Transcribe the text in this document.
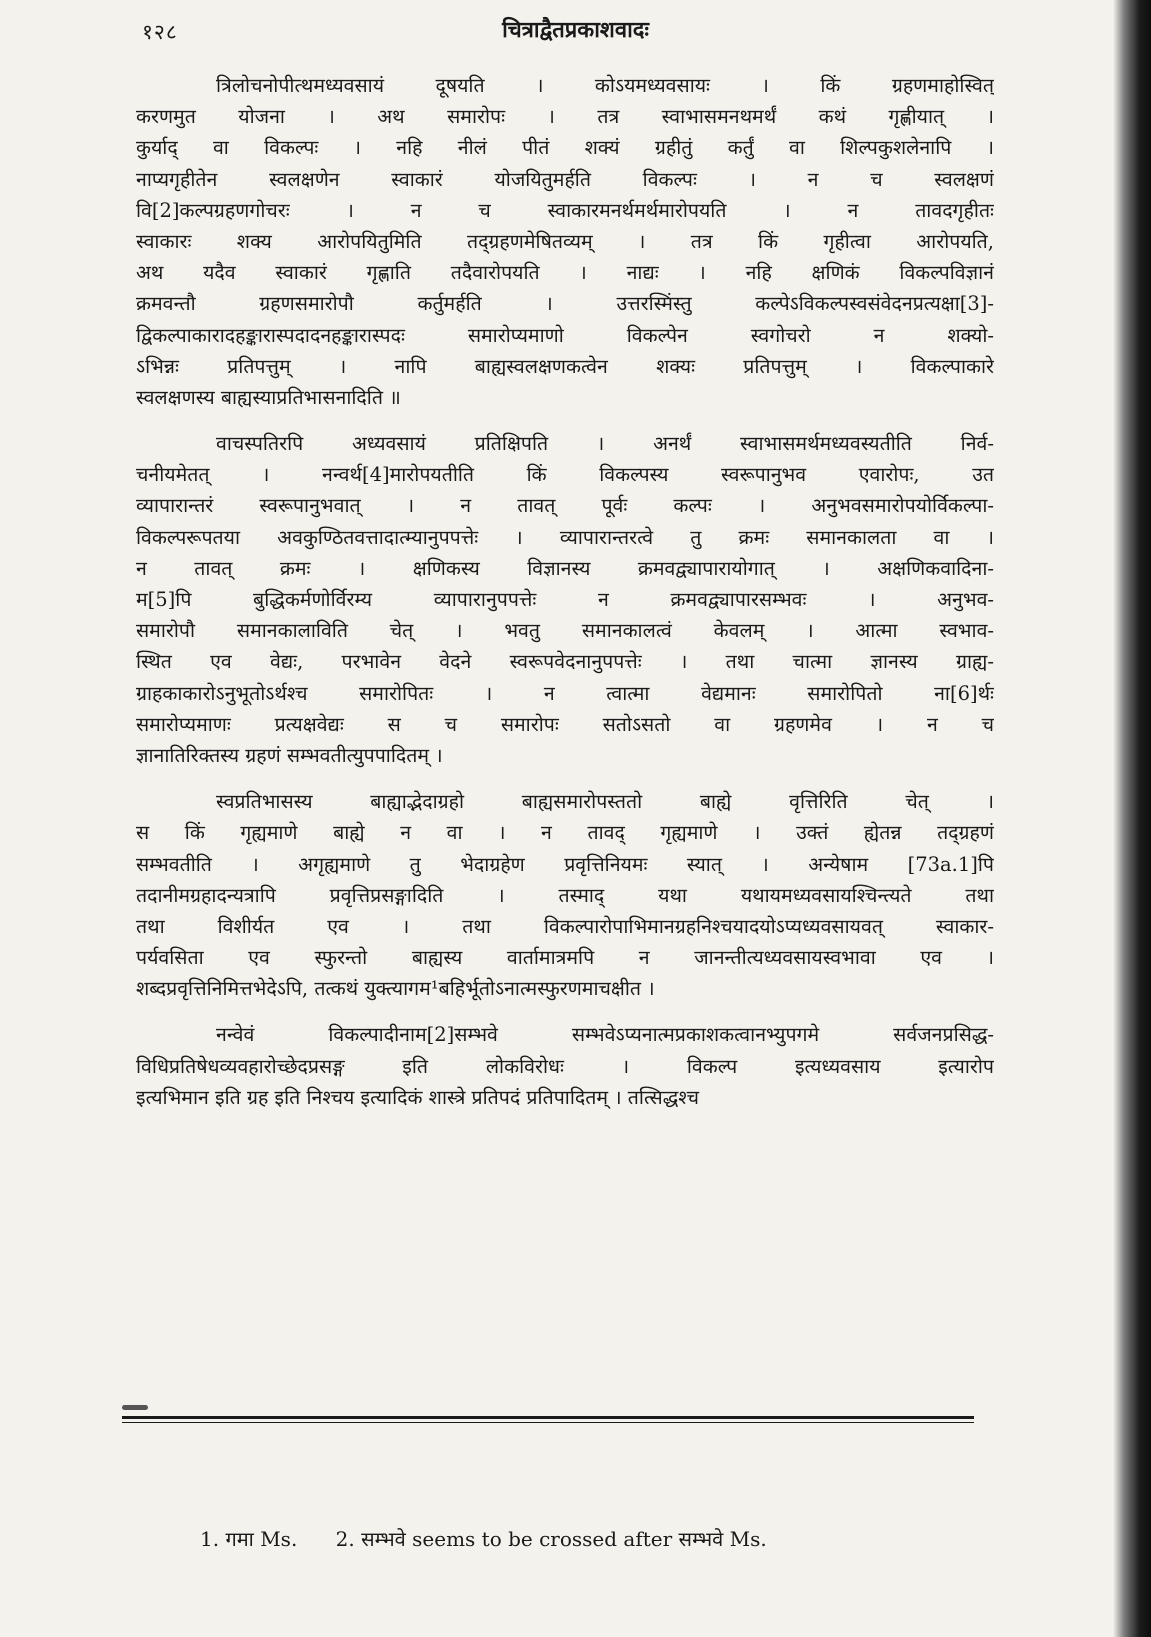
१२८	चित्राद्वैतप्रकाशवादः
त्रिलोचनोपीत्थमध्यवसायं दूषयति । कोऽयमध्यवसायः । किं ग्रहणमाहोस्वित्
करणमुत योजना । अथ समारोपः । तत्र स्वाभासमनथमर्थं कथं गृह्णीयात् ।
कुर्याद् वा विकल्पः । नहि नीलं पीतं शक्यं ग्रहीतुं कर्तुं वा शिल्पकुशलेनापि ।
नाप्यगृहीतेन स्वलक्षणेन स्वाकारं योजयितुमर्हति विकल्पः । न च स्वलक्षणं
वि[2]कल्पग्रहणगोचरः । न च स्वाकारमनर्थमर्थमारोपयति । न तावदगृहीतः
स्वाकारः शक्य आरोपयितुमिति तद्ग्रहणमेषितव्यम् । तत्र किं गृहीत्वा आरोपयति,
अथ यदैव स्वाकारं गृह्णाति तदैवारोपयति । नाद्यः । नहि क्षणिकं विकल्पविज्ञानं
क्रमवन्तौ ग्रहणसमारोपौ कर्तुमर्हति । उत्तरस्मिंस्तु कल्पेऽविकल्पस्वसंवेदनप्रत्यक्षा[3]-
द्विकल्पाकारादहङ्कारास्पदादनहङ्कारास्पदः समारोप्यमाणो विकल्पेन स्वगोचरो न शक्यो-
ऽभिन्नः प्रतिपत्तुम् । नापि बाह्यस्वलक्षणकत्वेन शक्यः प्रतिपत्तुम् । विकल्पाकारे
स्वलक्षणस्य बाह्यस्याप्रतिभासनादिति ॥
वाचस्पतिरपि अध्यवसायं प्रतिक्षिपति । अनर्थं स्वाभासमर्थमध्यवस्यतीति निर्व-
चनीयमेतत् । नन्वर्थ[4]मारोपयतीति किं विकल्पस्य स्वरूपानुभव एवारोपः, उत
व्यापारान्तरं स्वरूपानुभवात् । न तावत् पूर्वः कल्पः । अनुभवसमारोपयोर्विकल्पा-
विकल्परूपतया अवकुण्ठितवत्तादात्म्यानुपपत्तेः । व्यापारान्तरत्वे तु क्रमः समानकालता वा ।
न तावत् क्रमः । क्षणिकस्य विज्ञानस्य क्रमवद्व्यापारायोगात् । अक्षणिकवादिना-
म[5]पि बुद्धिकर्मणोर्विरम्य व्यापारानुपपत्तेः न क्रमवद्व्यापारसम्भवः । अनुभव-
समारोपौ समानकालाविति चेत् । भवतु समानकालत्वं केवलम् । आत्मा स्वभाव-
स्थित एव वेद्यः, परभावेन वेदने स्वरूपवेदनानुपपत्तेः । तथा चात्मा ज्ञानस्य ग्राह्य-
ग्राहकाकारोऽनुभूतोऽर्थश्च समारोपितः । न त्वात्मा वेद्यमानः समारोपितो ना[6]र्थः
समारोप्यमाणः प्रत्यक्षवेद्यः स च समारोपः सतोऽसतो वा ग्रहणमेव । न च
ज्ञानातिरिक्तस्य ग्रहणं सम्भवतीत्युपपादितम् ।
स्वप्रतिभासस्य बाह्याद्भेदाग्रहो बाह्यसमारोपस्ततो बाह्ये वृत्तिरिति चेत् ।
स किं गृह्यमाणे बाह्ये न वा । न तावद् गृह्यमाणे । उक्तं ह्येतन्न तद्ग्रहणं
सम्भवतीति । अगृह्यमाणे तु भेदाग्रहेण प्रवृत्तिनियमः स्यात् । अन्येषाम [73a.1]पि
तदानीमग्रहादन्यत्रापि प्रवृत्तिप्रसङ्गादिति । तस्माद् यथा यथायमध्यवसायश्चिन्त्यते तथा
तथा विशीर्यत एव । तथा विकल्पारोपाभिमानग्रहनिश्चयादयोऽप्यध्यवसायवत् स्वाकार-
पर्यवसिता एव स्फुरन्तो बाह्यस्य वार्तामात्रमपि न जानन्तीत्यध्यवसायस्वभावा एव ।
शब्दप्रवृत्तिनिमित्तभेदेऽपि, तत्कथं युक्त्यागम¹बहिर्भूतोऽनात्मस्फुरणमाचक्षीत ।
नन्वेवं विकल्पादीनाम[2]सम्भवे सम्भवेऽप्यनात्मप्रकाशकत्वानभ्युपगमे सर्वजनप्रसिद्ध-
विधिप्रतिषेधव्यवहारोच्छेदप्रसङ्ग इति लोकविरोधः । विकल्प इत्यध्यवसाय इत्यारोप
इत्यभिमान इति ग्रह इति निश्चय इत्यादिकं शास्त्रे प्रतिपदं प्रतिपादितम् । तत्सिद्धश्च
1. गमा Ms. 2. सम्भवे seems to be crossed after सम्भवे Ms.
